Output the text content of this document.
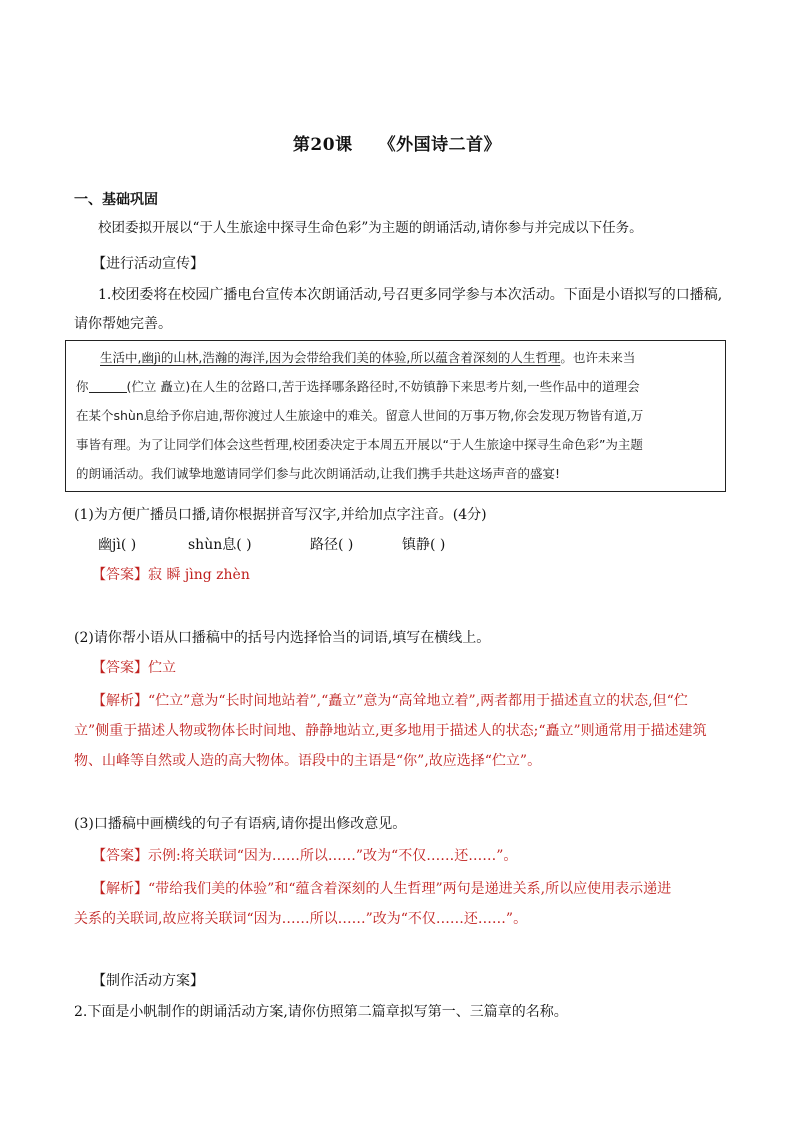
第20课 《外国诗二首》
一、基础巩固
校团委拟开展以“于人生旅途中探寻生命色彩”为主题的朗诵活动,请你参与并完成以下任务。
【进行活动宣传】
1.校团委将在校园广播电台宣传本次朗诵活动,号召更多同学参与本次活动。下面是小语拟写的口播稿,
请你帮她完善。
生活中,幽jì的山林,浩瀚的海洋,因为会带给我们美的体验,所以蕴含着深刻的人生哲理。也许未来当
你	(伫立 矗立)在人生的岔路口,苦于选择哪条路径时,不妨镇静下来思考片刻,一些作品中的道理会
在某个shùn息给予你启迪,帮你渡过人生旅途中的难关。留意人世间的万事万物,你会发现万物皆有道,万
事皆有理。为了让同学们体会这些哲理,校团委决定于本周五开展以“于人生旅途中探寻生命色彩”为主题
的朗诵活动。我们诚挚地邀请同学们参与此次朗诵活动,让我们携手共赴这场声音的盛宴!
(1)为方便广播员口播,请你根据拼音写汉字,并给加点字注音。(4分)
幽jì( )	shùn息( )	路径( )	镇静( )
【答案】寂 瞬 jìng zhèn
(2)请你帮小语从口播稿中的括号内选择恰当的词语,填写在横线上。
【答案】伫立
【解析】“伫立”意为“长时间地站着”,“矗立”意为“高耸地立着”,两者都用于描述直立的状态,但“伫
立”侧重于描述人物或物体长时间地、静静地站立,更多地用于描述人的状态;“矗立”则通常用于描述建筑
物、山峰等自然或人造的高大物体。语段中的主语是“你”,故应选择“伫立”。
(3)口播稿中画横线的句子有语病,请你提出修改意见。
【答案】示例:将关联词“因为……所以……”改为“不仅……还……”。
【解析】“带给我们美的体验”和“蕴含着深刻的人生哲理”两句是递进关系,所以应使用表示递进
关系的关联词,故应将关联词“因为……所以……”改为“不仅……还……”。
【制作活动方案】
2.下面是小帆制作的朗诵活动方案,请你仿照第二篇章拟写第一、三篇章的名称。
